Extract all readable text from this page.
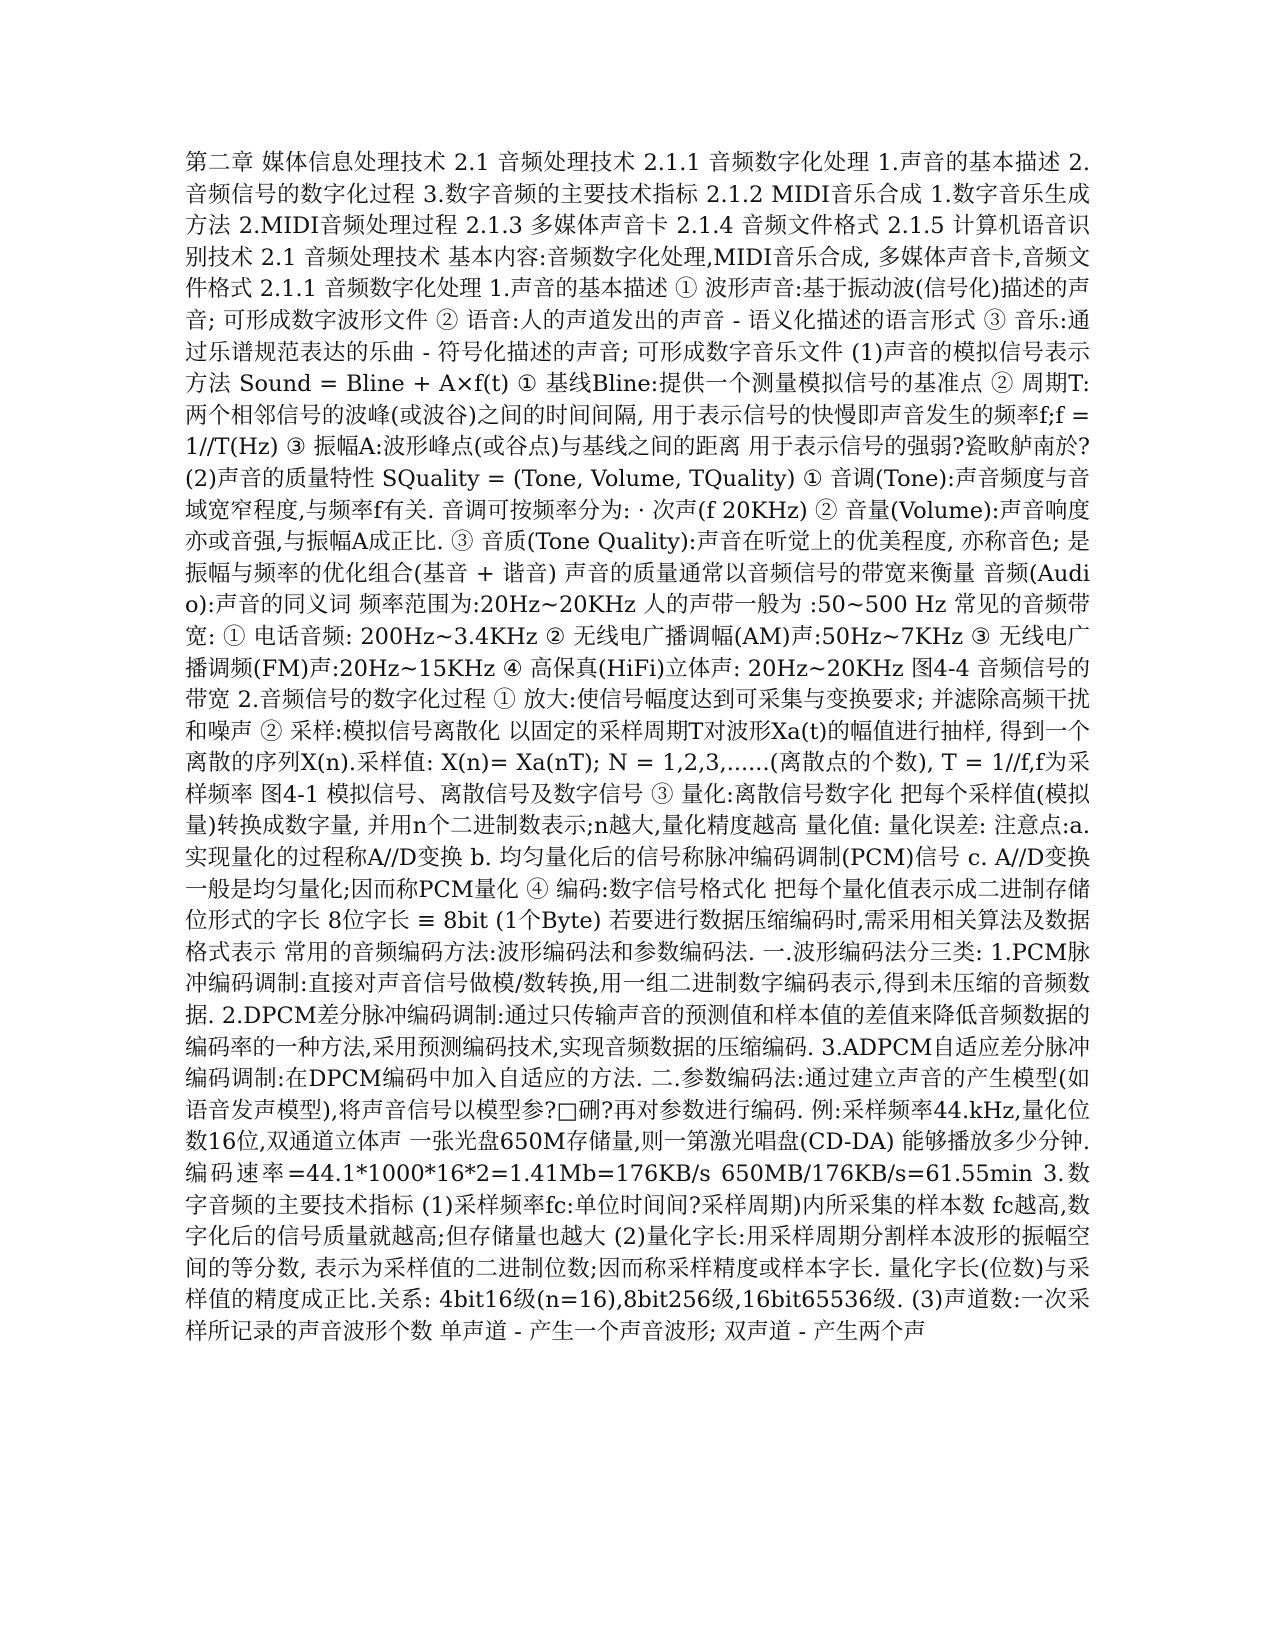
第二章 媒体信息处理技术 2.1 音频处理技术 2.1.1 音频数字化处理 1.声音的基本描述 2.音频信号的数字化过程 3.数字音频的主要技术指标 2.1.2 MIDI音乐合成 1.数字音乐生成方法 2.MIDI音频处理过程 2.1.3 多媒体声音卡 2.1.4 音频文件格式 2.1.5 计算机语音识别技术 2.1 音频处理技术 基本内容:音频数字化处理,MIDI音乐合成, 多媒体声音卡,音频文件格式 2.1.1 音频数字化处理 1.声音的基本描述 ① 波形声音:基于振动波(信号化)描述的声音; 可形成数字波形文件 ② 语音:人的声道发出的声音 - 语义化描述的语言形式 ③ 音乐:通过乐谱规范表达的乐曲 - 符号化描述的声音; 可形成数字音乐文件 (1)声音的模拟信号表示方法 Sound = Bline + A×f(t) ① 基线Bline:提供一个测量模拟信号的基准点 ② 周期T:两个相邻信号的波峰(或波谷)之间的时间间隔, 用于表示信号的快慢即声音发生的频率f;f = 1//T(Hz) ③ 振幅A:波形峰点(或谷点)与基线之间的距离 用于表示信号的强弱?瓷畋舻南於? (2)声音的质量特性 SQuality = (Tone, Volume, TQuality) ① 音调(Tone):声音频度与音域宽窄程度,与频率f有关. 音调可按频率分为: · 次声(f 20KHz) ② 音量(Volume):声音响度亦或音强,与振幅A成正比. ③ 音质(Tone Quality):声音在听觉上的优美程度, 亦称音色; 是振幅与频率的优化组合(基音 + 谐音) 声音的质量通常以音频信号的带宽来衡量 音频(Audio):声音的同义词 频率范围为:20Hz~20KHz 人的声带一般为 :50~500 Hz 常见的音频带宽: ① 电话音频: 200Hz~3.4KHz ② 无线电广播调幅(AM)声:50Hz~7KHz ③ 无线电广播调频(FM)声:20Hz~15KHz ④ 高保真(HiFi)立体声: 20Hz~20KHz 图4-4 音频信号的带宽 2.音频信号的数字化过程 ① 放大:使信号幅度达到可采集与变换要求; 并滤除高频干扰和噪声 ② 采样:模拟信号离散化 以固定的采样周期T对波形Xa(t)的幅值进行抽样, 得到一个离散的序列X(n).采样值: X(n)= Xa(nT); N = 1,2,3,......(离散点的个数), T = 1//f,f为采样频率 图4-1 模拟信号、离散信号及数字信号 ③ 量化:离散信号数字化 把每个采样值(模拟量)转换成数字量, 并用n个二进制数表示;n越大,量化精度越高 量化值: 量化误差: 注意点:a. 实现量化的过程称A//D变换 b. 均匀量化后的信号称脉冲编码调制(PCM)信号 c. A//D变换一般是均匀量化;因而称PCM量化 ④ 编码:数字信号格式化 把每个量化值表示成二进制存储位形式的字长 8位字长 ≡ 8bit (1个Byte) 若要进行数据压缩编码时,需采用相关算法及数据格式表示 常用的音频编码方法:波形编码法和参数编码法. 一.波形编码法分三类: 1.PCM脉冲编码调制:直接对声音信号做模/数转换,用一组二进制数字编码表示,得到未压缩的音频数据. 2.DPCM差分脉冲编码调制:通过只传输声音的预测值和样本值的差值来降低音频数据的编码率的一种方法,采用预测编码技术,实现音频数据的压缩编码. 3.ADPCM自适应差分脉冲编码调制:在DPCM编码中加入自适应的方法. 二.参数编码法:通过建立声音的产生模型(如语音发声模型),将声音信号以模型参?□硎?再对参数进行编码. 例:采样频率44.kHz,量化位数16位,双通道立体声 一张光盘650M存储量,则一第激光唱盘(CD-DA) 能够播放多少分钟. 编码速率=44.1*1000*16*2=1.41Mb=176KB/s 650MB/176KB/s=61.55min 3.数字音频的主要技术指标 (1)采样频率fc:单位时间间?采样周期)内所采集的样本数 fc越高,数字化后的信号质量就越高;但存储量也越大 (2)量化字长:用采样周期分割样本波形的振幅空间的等分数, 表示为采样值的二进制位数;因而称采样精度或样本字长. 量化字长(位数)与采样值的精度成正比.关系: 4bit16级(n=16),8bit256级,16bit65536级. (3)声道数:一次采样所记录的声音波形个数 单声道 - 产生一个声音波形; 双声道 - 产生两个声
